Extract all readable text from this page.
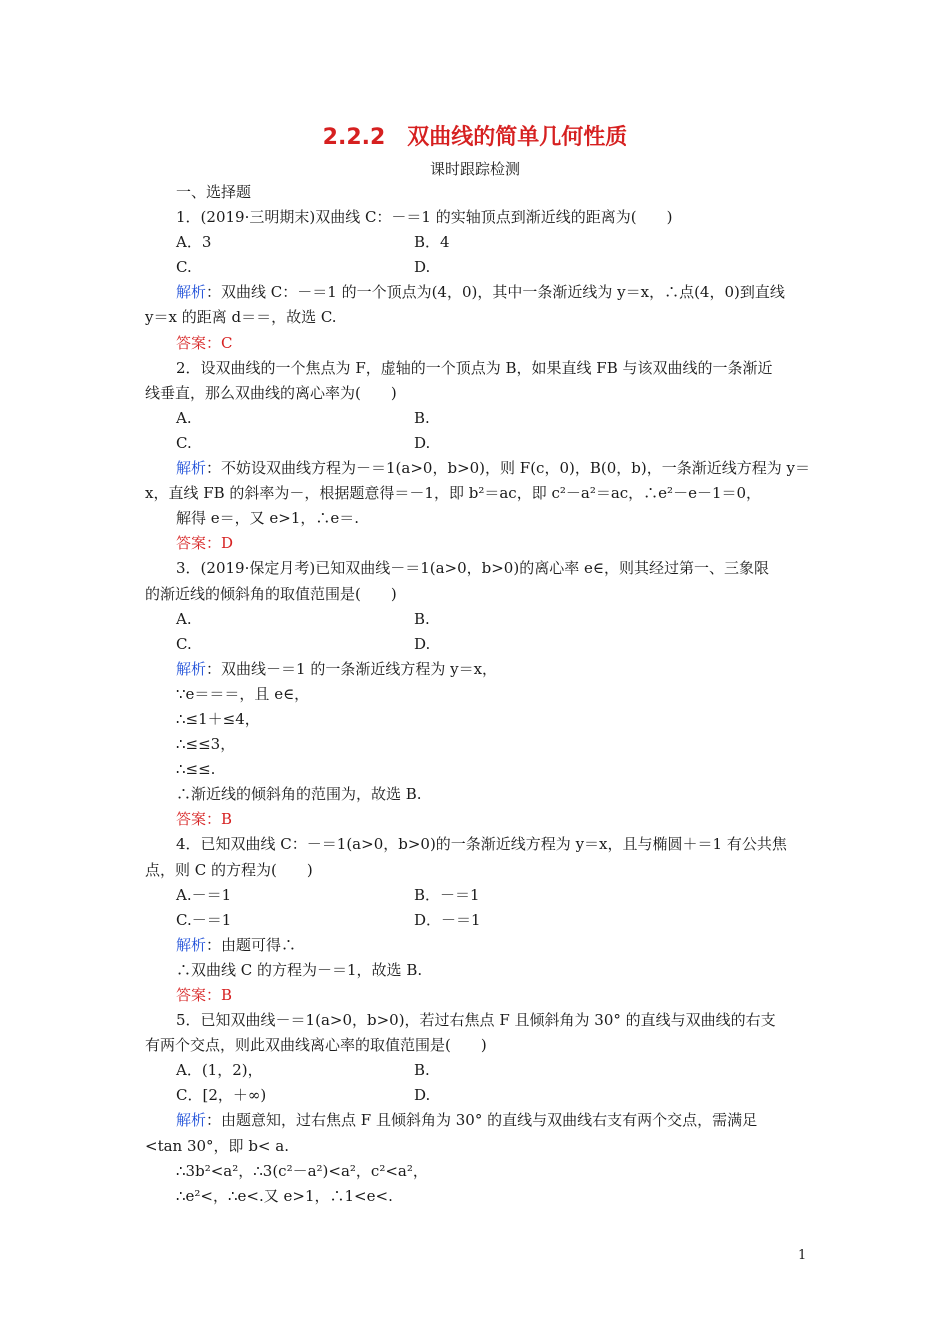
2.2.2　双曲线的简单几何性质
课时跟踪检测
一、选择题
1．(2019·三明期末)双曲线 C：－＝1 的实轴顶点到渐近线的距离为(　　)
A．3	B．4
C.	D.
解析：双曲线 C：－＝1 的一个顶点为(4，0)，其中一条渐近线为 y＝x，∴点(4，0)到直线
y＝x 的距离 d＝＝，故选 C.
答案：C
2．设双曲线的一个焦点为 F，虚轴的一个顶点为 B，如果直线 FB 与该双曲线的一条渐近
线垂直，那么双曲线的离心率为(　　)
A.	B.
C.	D.
解析：不妨设双曲线方程为－＝1(a>0，b>0)，则 F(c，0)，B(0，b)，一条渐近线方程为 y＝
x，直线 FB 的斜率为－，根据题意得＝－1，即 b²＝ac，即 c²－a²＝ac，∴e²－e－1＝0，
解得 e＝，又 e>1，∴e＝.
答案：D
3．(2019·保定月考)已知双曲线－＝1(a>0，b>0)的离心率 e∈，则其经过第一、三象限
的渐近线的倾斜角的取值范围是(　　)
A.	B.
C.	D.
解析：双曲线－＝1 的一条渐近线方程为 y＝x，
∵e＝＝＝，且 e∈，
∴≤1＋≤4，
∴≤≤3，
∴≤≤.
∴渐近线的倾斜角的范围为，故选 B.
答案：B
4．已知双曲线 C：－＝1(a>0，b>0)的一条渐近线方程为 y＝x，且与椭圆＋＝1 有公共焦
点，则 C 的方程为(　　)
A.－＝1	B．－＝1
C.－＝1	D．－＝1
解析：由题可得∴
∴双曲线 C 的方程为－＝1，故选 B.
答案：B
5．已知双曲线－＝1(a>0，b>0)，若过右焦点 F 且倾斜角为 30° 的直线与双曲线的右支
有两个交点，则此双曲线离心率的取值范围是(　　)
A．(1，2)，	B.
C．[2，＋∞)	D.
解析：由题意知，过右焦点 F 且倾斜角为 30° 的直线与双曲线右支有两个交点，需满足
<tan 30°，即 b< a.
∴3b²<a²，∴3(c²－a²)<a²，c²<a²，
∴e²<，∴e<.又 e>1，∴1<e<.
1
